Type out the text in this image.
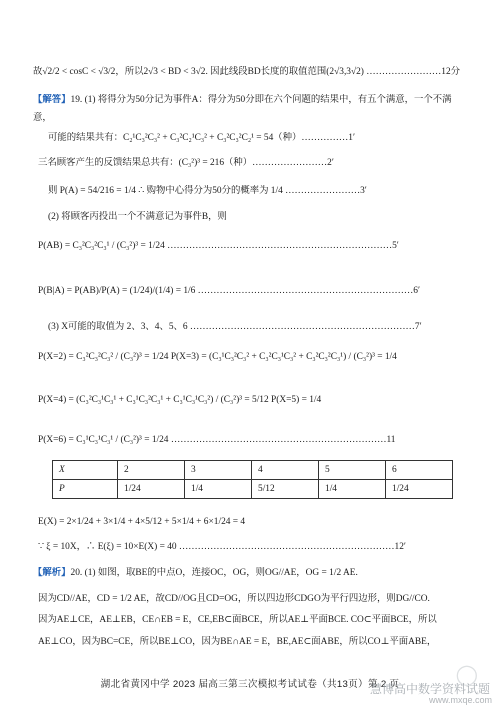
故√2/2 < cosC < √3/2，所以2√3 < BD < 3√2. 因此线段BD长度的取值范围(2√3,3√2) ……………………12分
【解答】19. (1) 将得分为50分记为事件A：得分为50分即在六个问题的结果中，有五个满意，一个不满
意，
可能的结果共有：C₂¹C₃²C₃² + C₃²C₂¹C₃² + C₃²C₃²C₂¹ = 54（种）……………1′
三名顾客产生的反馈结果总共有：(C₃²)³ = 216（种）……………………2′
则 P(A) = 54/216 = 1/4 ∴ 购物中心得分为50分的概率为 1/4 ……………………3′
(2) 将顾客丙投出一个不满意记为事件B，则
P(AB) = C₃²C₃²C₃¹ / (C₃²)³ = 1/24 ………………………………………………………………5′
P(B|A) = P(AB)/P(A) = (1/24)/(1/4) = 1/6 ……………………………………………………………6′
(3) X可能的取值为 2、3、4、5、6 ………………………………………………………………7′
P(X=2) = C₃²C₃²C₃² / (C₃²)³ = 1/24 P(X=3) = (C₃¹C₃²C₃² + C₃²C₃¹C₃² + C₃²C₃²C₃¹) / (C₃²)³ = 1/4
P(X=4) = (C₃²C₃¹C₃¹ + C₃¹C₃²C₃¹ + C₃¹C₃¹C₃²) / (C₃²)³ = 5/12 P(X=5) = 1/4
P(X=6) = C₃¹C₃¹C₃¹ / (C₃²)³ = 1/24 ……………………………………………………………11
X	2	3	4	5	6
P	1/24	1/4	5/12	1/4	1/24
E(X) = 2×1/24 + 3×1/4 + 4×5/12 + 5×1/4 + 6×1/24 = 4
∵ ξ = 10X，∴ E(ξ) = 10×E(X) = 40 ……………………………………………………………12′
【解析】20. (1) 如图，取BE的中点O，连接OC，OG，则OG//AE，OG = 1/2 AE.
因为CD//AE，CD = 1/2 AE，故CD//OG且CD=OG，所以四边形CDGO为平行四边形，则DG//CO.
因为AE⊥CE，AE⊥EB，CE∩EB = E，CE,EB⊂面BCE，所以AE⊥平面BCE. CO⊂平面BCE，所以
AE⊥CO，因为BC=CE，所以BE⊥CO，因为BE∩AE = E，BE,AE⊂面ABE，所以CO⊥平面ABE，
湖北省黄冈中学 2023 届高三第三次模拟考试试卷（共13页）第 2 页	◯
慧博高中数学资料试题
www.mxqe.com
